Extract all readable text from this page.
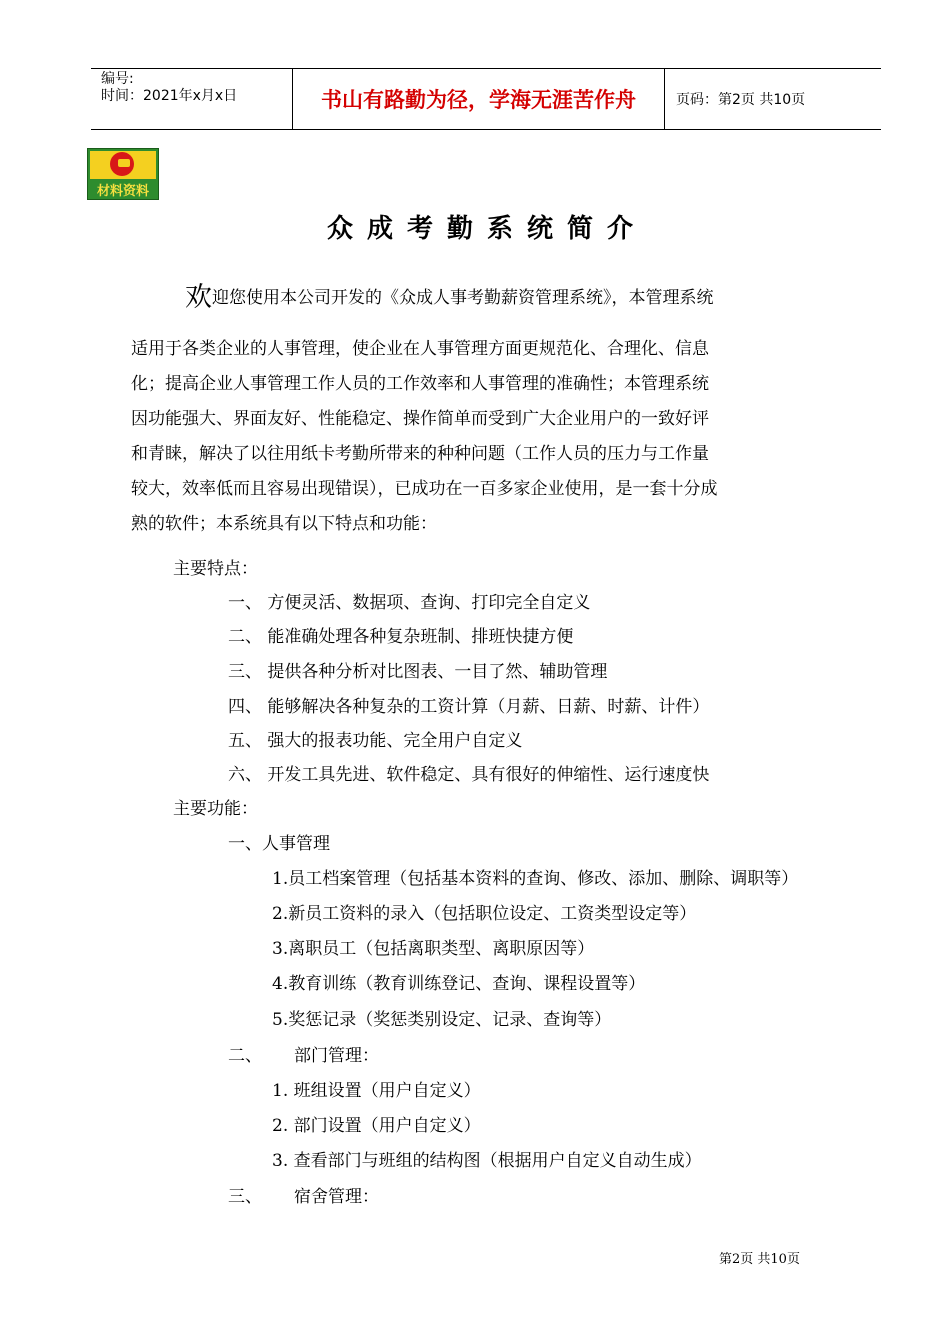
编号:
时间：2021年x月x日	书山有路勤为径，学海无涯苦作舟	页码：第2页 共10页
材料资料
众成考勤系统简介
欢迎您使用本公司开发的《众成人事考勤薪资管理系统》，本管理系统
适用于各类企业的人事管理，使企业在人事管理方面更规范化、合理化、信息
化；提高企业人事管理工作人员的工作效率和人事管理的准确性；本管理系统
因功能强大、界面友好、性能稳定、操作简单而受到广大企业用户的一致好评
和青睐，解决了以往用纸卡考勤所带来的种种问题（工作人员的压力与工作量
较大，效率低而且容易出现错误），已成功在一百多家企业使用，是一套十分成
熟的软件；本系统具有以下特点和功能：
主要特点：
一、 方便灵活、数据项、查询、打印完全自定义
二、 能准确处理各种复杂班制、排班快捷方便
三、 提供各种分析对比图表、一目了然、辅助管理
四、 能够解决各种复杂的工资计算（月薪、日薪、时薪、计件）
五、 强大的报表功能、完全用户自定义
六、 开发工具先进、软件稳定、具有很好的伸缩性、运行速度快
主要功能：
一、人事管理
1.员工档案管理（包括基本资料的查询、修改、添加、删除、调职等）
2.新员工资料的录入（包括职位设定、工资类型设定等）
3.离职员工（包括离职类型、离职原因等）
4.教育训练（教育训练登记、查询、课程设置等）
5.奖惩记录（奖惩类别设定、记录、查询等）
二、 部门管理：
1. 班组设置（用户自定义）
2. 部门设置（用户自定义）
3. 查看部门与班组的结构图（根据用户自定义自动生成）
三、 宿舍管理：
第2页 共10页
